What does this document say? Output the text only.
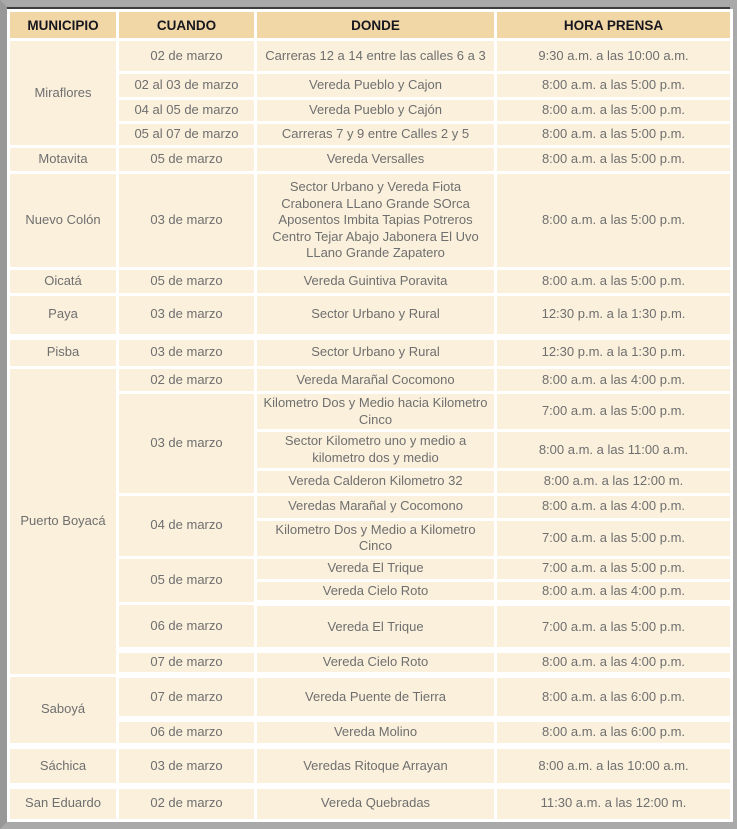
MUNICIPIO	CUANDO	DONDE	HORA PRENSA
Miraflores	02 de marzo	Carreras 12 a 14 entre las calles 6 a 3	9:30 a.m. a las 10:00 a.m.
	02 al 03 de marzo	Vereda Pueblo y Cajon	8:00 a.m. a las 5:00 p.m.
	04 al 05 de marzo	Vereda Pueblo y Cajón	8:00 a.m. a las 5:00 p.m.
	05 al 07 de marzo	Carreras 7 y 9 entre Calles 2 y 5	8:00 a.m. a las 5:00 p.m.
Motavita	05 de marzo	Vereda Versalles	8:00 a.m. a las 5:00 p.m.
Nuevo Colón	03 de marzo	Sector Urbano y Vereda Fiota Crabonera LLano Grande SOrca Aposentos Imbita Tapias Potreros Centro Tejar Abajo Jabonera El Uvo LLano Grande Zapatero	8:00 a.m. a las 5:00 p.m.
Oicatá	05 de marzo	Vereda Guintiva Poravita	8:00 a.m. a las 5:00 p.m.
Paya	03 de marzo	Sector Urbano y Rural	12:30 p.m. a la 1:30 p.m.
Pisba	03 de marzo	Sector Urbano y Rural	12:30 p.m. a la 1:30 p.m.
Puerto Boyacá	02 de marzo	Vereda Marañal Cocomono	8:00 a.m. a las 4:00 p.m.
	03 de marzo	Kilometro Dos y Medio hacia Kilometro Cinco	7:00 a.m. a las 5:00 p.m.
		Sector Kilometro uno y medio a kilometro dos y medio	8:00 a.m. a las 11:00 a.m.
		Vereda Calderon Kilometro 32	8:00 a.m. a las 12:00 m.
	04 de marzo	Veredas Marañal y Cocomono	8:00 a.m. a las 4:00 p.m.
		Kilometro Dos y Medio a Kilometro Cinco	7:00 a.m. a las 5:00 p.m.
	05 de marzo	Vereda El Trique	7:00 a.m. a las 5:00 p.m.
		Vereda Cielo Roto	8:00 a.m. a las 4:00 p.m.
	06 de marzo	Vereda El Trique	7:00 a.m. a las 5:00 p.m.
	07 de marzo	Vereda Cielo Roto	8:00 a.m. a las 4:00 p.m.
Saboyá	07 de marzo	Vereda Puente de Tierra	8:00 a.m. a las 6:00 p.m.
	06 de marzo	Vereda Molino	8:00 a.m. a las 6:00 p.m.
Sáchica	03 de marzo	Veredas Ritoque Arrayan	8:00 a.m. a las 10:00 a.m.
San Eduardo	02 de marzo	Vereda Quebradas	11:30 a.m. a las 12:00 m.
